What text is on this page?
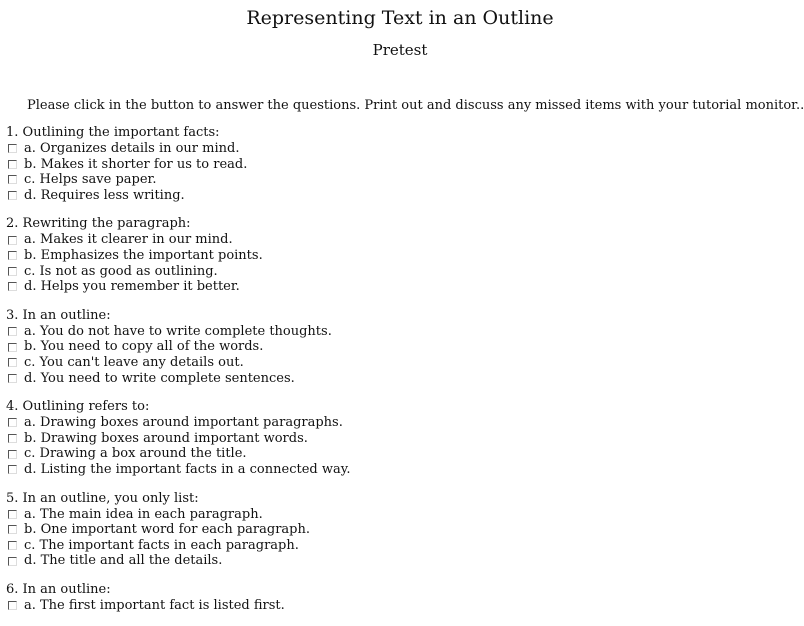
Representing Text in an Outline
Pretest
Please click in the button to answer the questions. Print out and discuss any missed items with your tutorial monitor..
1. Outlining the important facts:
a. Organizes details in our mind.
b. Makes it shorter for us to read.
c. Helps save paper.
d. Requires less writing.
2. Rewriting the paragraph:
a. Makes it clearer in our mind.
b. Emphasizes the important points.
c. Is not as good as outlining.
d. Helps you remember it better.
3. In an outline:
a. You do not have to write complete thoughts.
b. You need to copy all of the words.
c. You can't leave any details out.
d. You need to write complete sentences.
4. Outlining refers to:
a. Drawing boxes around important paragraphs.
b. Drawing boxes around important words.
c. Drawing a box around the title.
d. Listing the important facts in a connected way.
5. In an outline, you only list:
a. The main idea in each paragraph.
b. One important word for each paragraph.
c. The important facts in each paragraph.
d. The title and all the details.
6. In an outline:
a. The first important fact is listed first.
